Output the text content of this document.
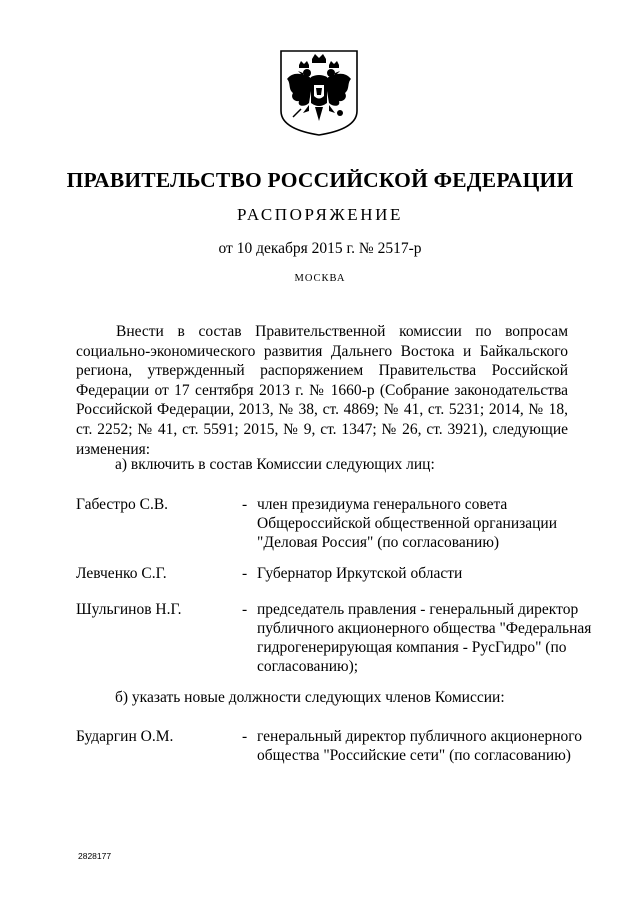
ПРАВИТЕЛЬСТВО РОССИЙСКОЙ ФЕДЕРАЦИИ
РАСПОРЯЖЕНИЕ
от 10 декабря 2015 г. № 2517-р
МОСКВА

Внести в состав Правительственной комиссии по вопросам социально-экономического развития Дальнего Востока и Байкальского региона, утвержденный распоряжением Правительства Российской Федерации от 17 сентября 2013 г. № 1660-р (Собрание законодательства Российской Федерации, 2013, № 38, ст. 4869; № 41, ст. 5231; 2014, № 18, ст. 2252; № 41, ст. 5591; 2015, № 9, ст. 1347; № 26, ст. 3921), следующие изменения:

а) включить в состав Комиссии следующих лиц:
Габестро С.В.	- член президиума генерального совета Общероссийской общественной организации "Деловая Россия" (по согласованию)
Левченко С.Г.	- Губернатор Иркутской области
Шульгинов Н.Г.	- председатель правления - генеральный директор публичного акционерного общества "Федеральная гидрогенерирующая компания - РусГидро" (по согласованию);
б) указать новые должности следующих членов Комиссии:
Бударгин О.М.	- генеральный директор публичного акционерного общества "Российские сети" (по согласованию)
2828177
